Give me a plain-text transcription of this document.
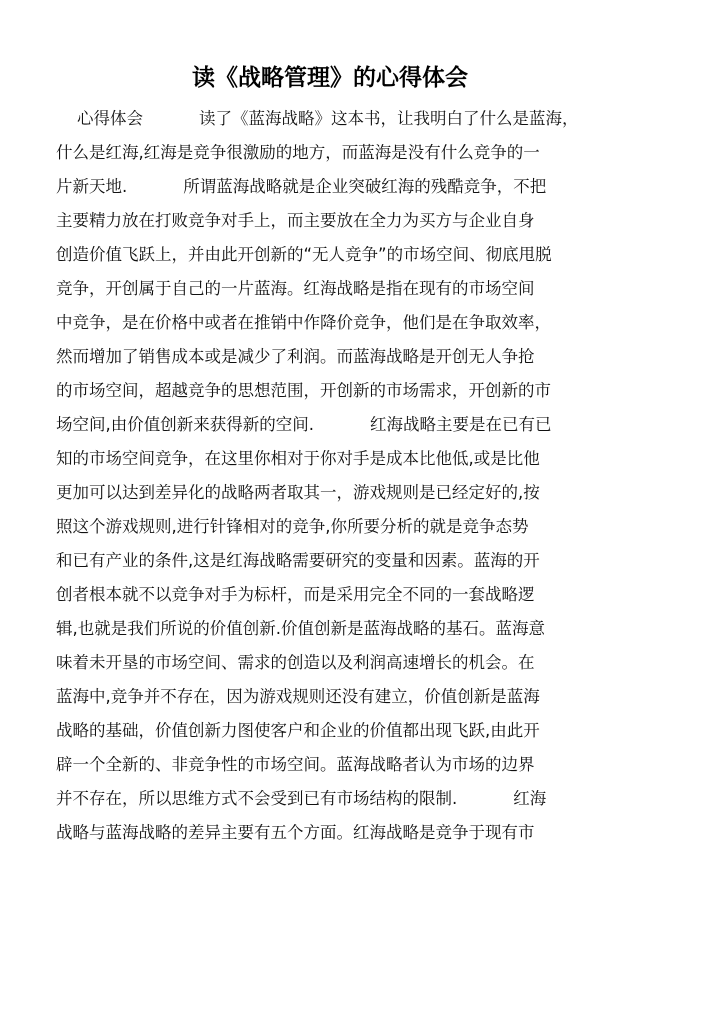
读《战略管理》的心得体会
心得体会	读了《蓝海战略》这本书，让我明白了什么是蓝海，
什么是红海,红海是竞争很激励的地方，而蓝海是没有什么竞争的一
片新天地.	所谓蓝海战略就是企业突破红海的残酷竞争，不把
主要精力放在打败竞争对手上，而主要放在全力为买方与企业自身
创造价值飞跃上，并由此开创新的“无人竞争”的市场空间、彻底甩脱
竞争，开创属于自己的一片蓝海。红海战略是指在现有的市场空间
中竞争，是在价格中或者在推销中作降价竞争，他们是在争取效率，
然而增加了销售成本或是减少了利润。而蓝海战略是开创无人争抢
的市场空间，超越竞争的思想范围，开创新的市场需求，开创新的市
场空间,由价值创新来获得新的空间.	红海战略主要是在已有已
知的市场空间竞争，在这里你相对于你对手是成本比他低,或是比他
更加可以达到差异化的战略两者取其一，游戏规则是已经定好的,按
照这个游戏规则,进行针锋相对的竞争,你所要分析的就是竞争态势
和已有产业的条件,这是红海战略需要研究的变量和因素。蓝海的开
创者根本就不以竞争对手为标杆，而是采用完全不同的一套战略逻
辑,也就是我们所说的价值创新.价值创新是蓝海战略的基石。蓝海意
味着未开垦的市场空间、需求的创造以及利润高速增长的机会。在
蓝海中,竞争并不存在，因为游戏规则还没有建立，价值创新是蓝海
战略的基础，价值创新力图使客户和企业的价值都出现飞跃,由此开
辟一个全新的、非竞争性的市场空间。蓝海战略者认为市场的边界
并不存在，所以思维方式不会受到已有市场结构的限制.	红海
战略与蓝海战略的差异主要有五个方面。红海战略是竞争于现有市
